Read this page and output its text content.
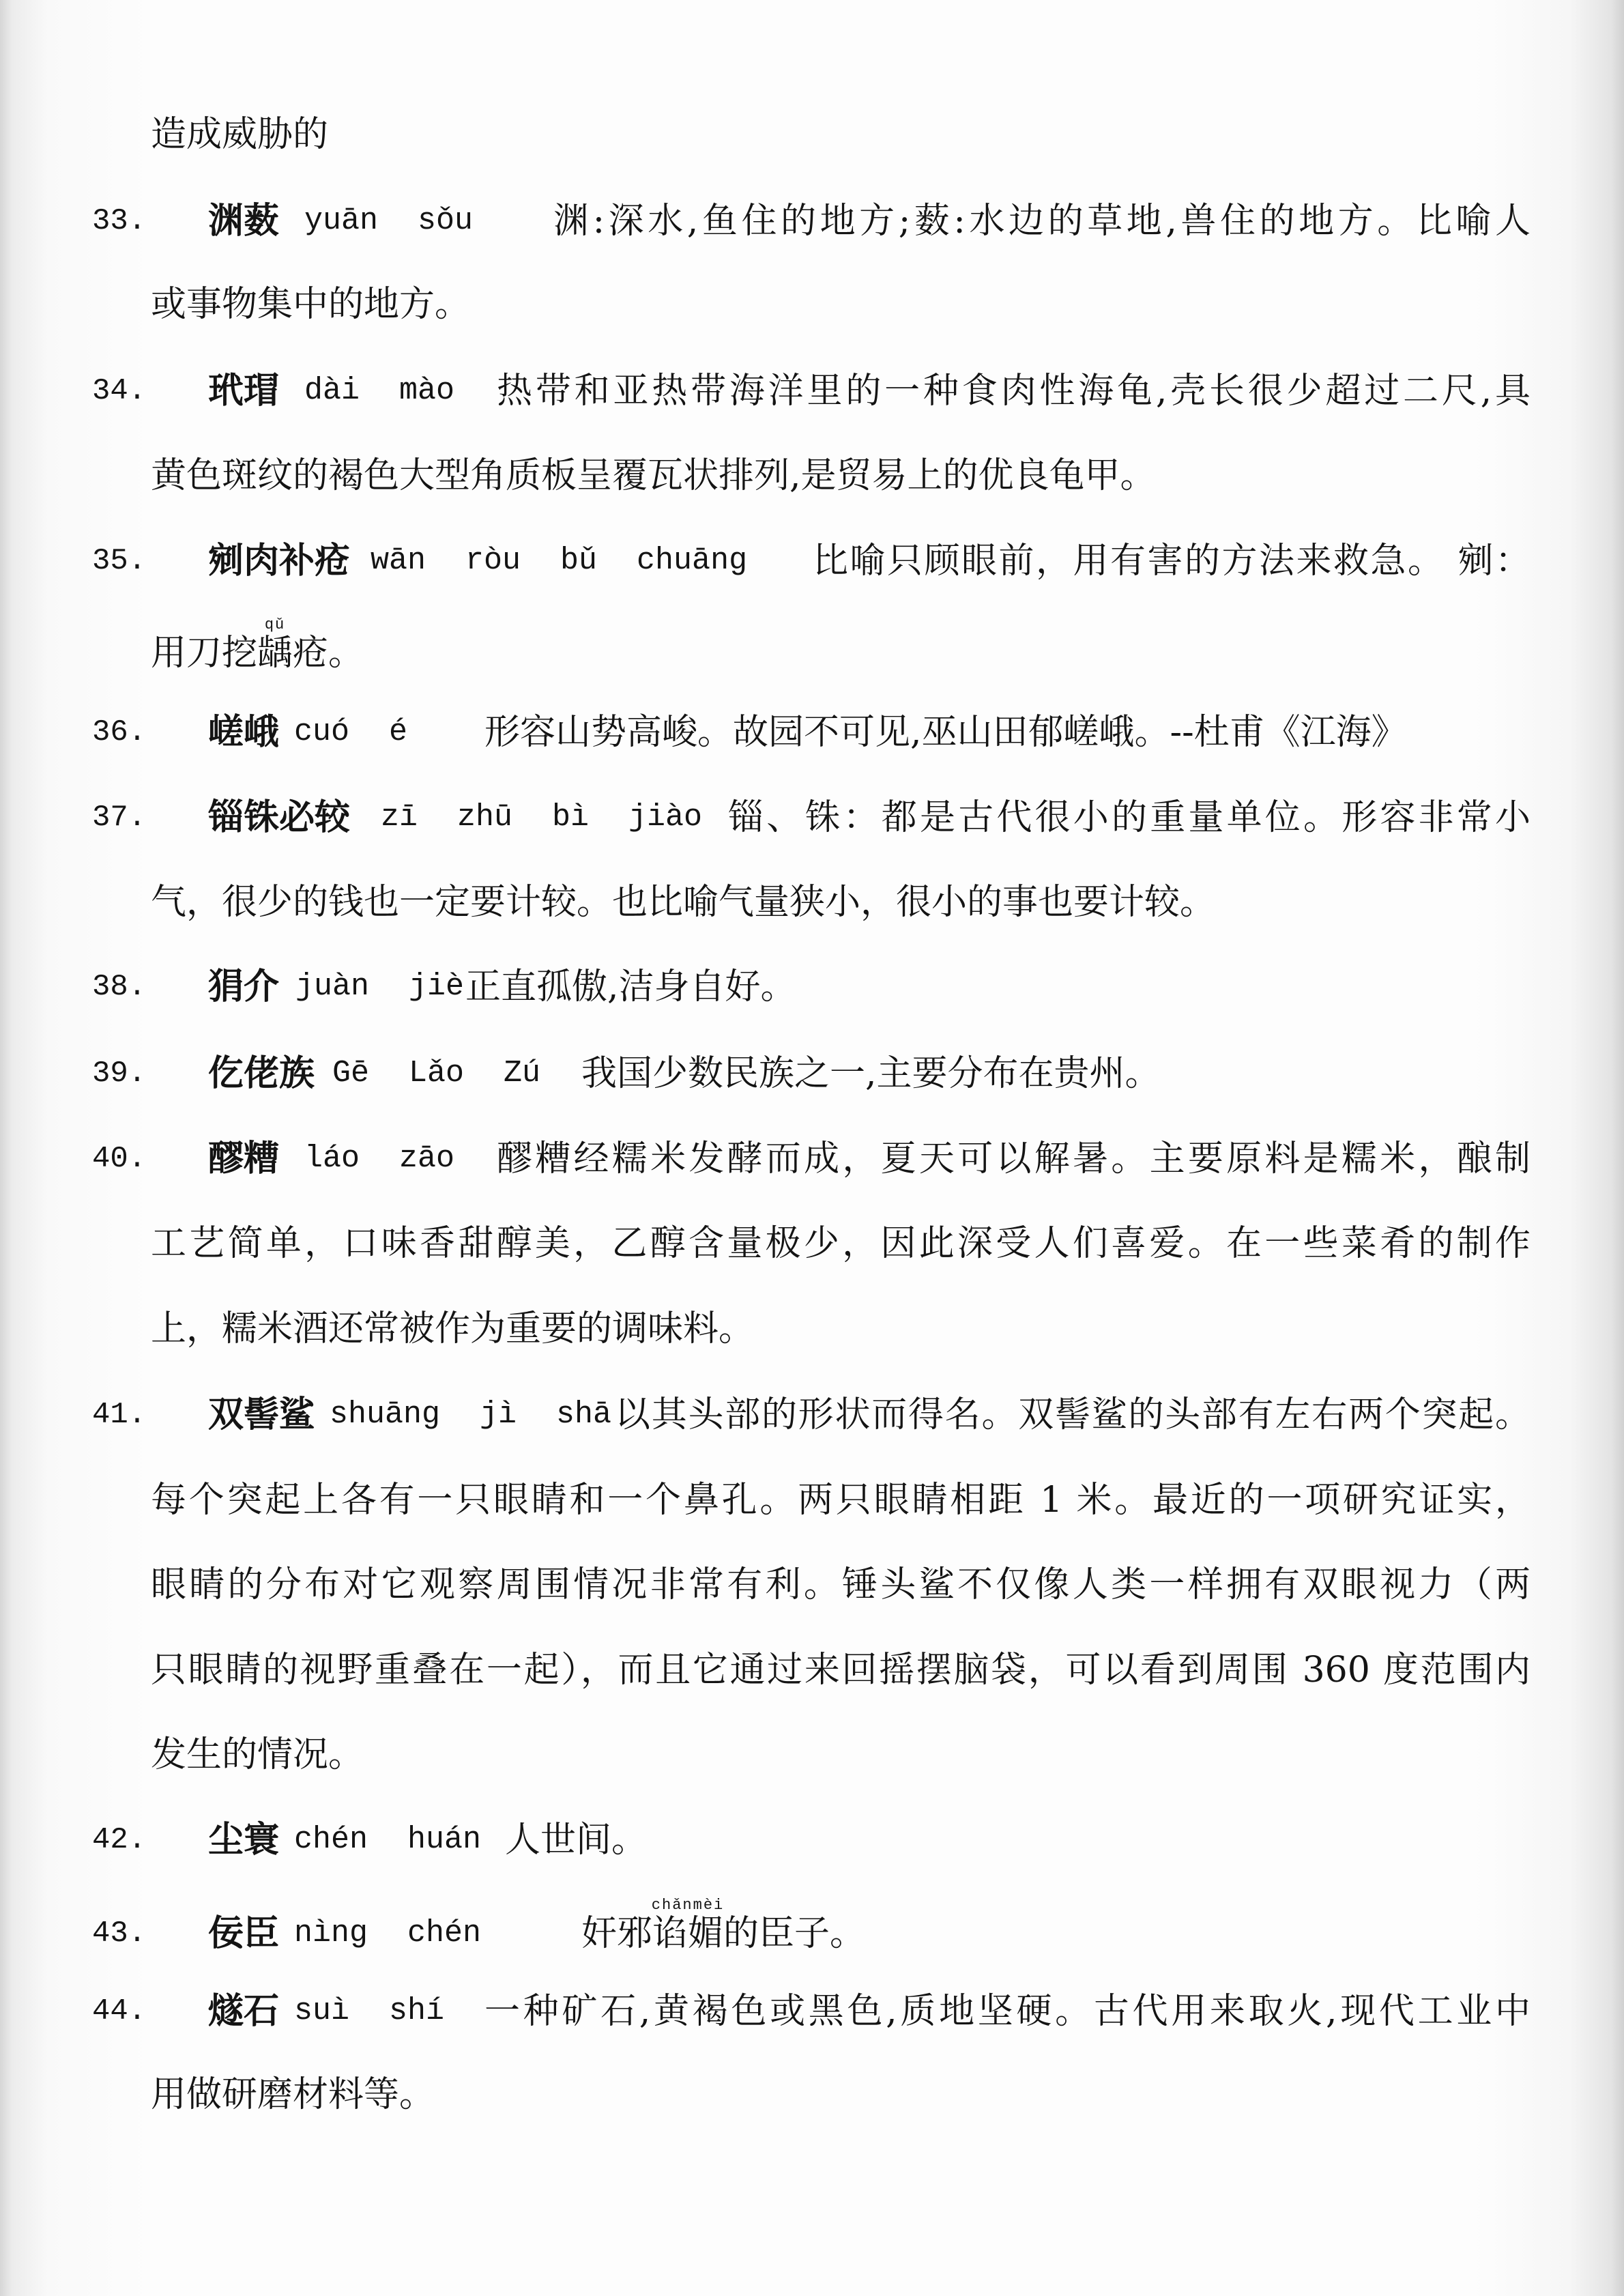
造成威胁的
33. 渊薮 yuān sǒu 渊:深水,鱼住的地方;薮:水边的草地,兽住的地方。比喻人
或事物集中的地方。
34. 玳瑁 dài mào 热带和亚热带海洋里的一种食肉性海龟,壳长很少超过二尺,具
黄色斑纹的褐色大型角质板呈覆瓦状排列,是贸易上的优良龟甲。
35. 剜肉补疮 wān ròu bǔ chuāng 比喻只顾眼前，用有害的方法来救急。 剜：
用刀挖龋
qǔ
疮。
36. 嵯峨 cuó é 形容山势高峻。故园不可见,巫山田郁嵯峨。--杜甫《江海》
37. 锱铢必较 zī zhū bì jiào 锱、铢：都是古代很小的重量单位。形容非常小
气，很少的钱也一定要计较。也比喻气量狭小，很小的事也要计较。
38. 狷介 juàn jiè 正直孤傲,洁身自好。
39. 仡佬族 Gē Lǎo Zú 我国少数民族之一,主要分布在贵州。
40. 醪糟 láo zāo 醪糟经糯米发酵而成，夏天可以解暑。主要原料是糯米，酿制
工艺简单，口味香甜醇美，乙醇含量极少，因此深受人们喜爱。在一些菜肴的制作
上，糯米酒还常被作为重要的调味料。
41. 双髻鲨 shuāng jì shā 以其头部的形状而得名。双髻鲨的头部有左右两个突起。
每个突起上各有一只眼睛和一个鼻孔。两只眼睛相距 1 米。最近的一项研究证实，
眼睛的分布对它观察周围情况非常有利。锤头鲨不仅像人类一样拥有双眼视力（两
只眼睛的视野重叠在一起），而且它通过来回摇摆脑袋，可以看到周围 360 度范围内
发生的情况。
42. 尘寰 chén huán 人世间。
43. 佞臣 nìng chén	奸邪谄媚
chǎnmèi
的臣子。
44. 燧石 suì shí 一种矿石,黄褐色或黑色,质地坚硬。古代用来取火,现代工业中
用做研磨材料等。
